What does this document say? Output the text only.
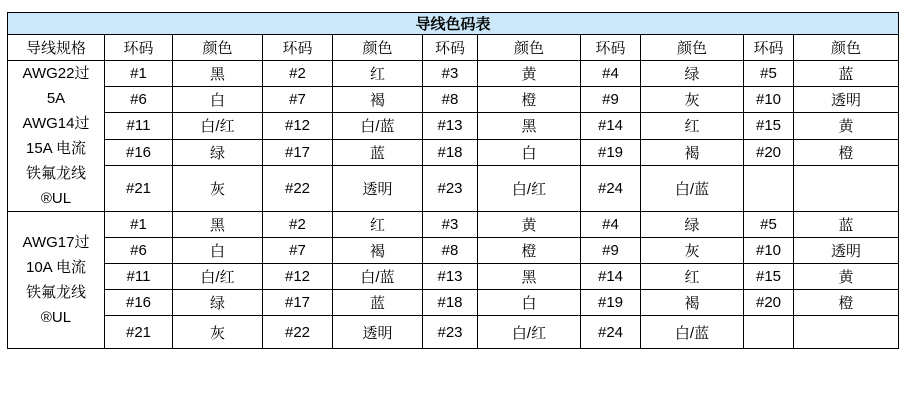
导线色码表										
导线规格	环码	颜色	环码	颜色	环码	颜色	环码	颜色	环码	颜色

AWG22过
5A
AWG14过
15A 电流
铁氟龙线
®UL
	#1	黑	#2	红	#3	黄	#4	绿	#5	蓝
	#6	白	#7	褐	#8	橙	#9	灰	#10	透明
	#11	白/红	#12	白/蓝	#13	黑	#14	红	#15	黄
	#16	绿	#17	蓝	#18	白	#19	褐	#20	橙
	#21	灰	#22	透明	#23	白/红	#24	白/蓝		

AWG17过
10A 电流
铁氟龙线
®UL	#1	黑	#2	红	#3	黄	#4	绿	#5	蓝
	#6	白	#7	褐	#8	橙	#9	灰	#10	透明
	#11	白/红	#12	白/蓝	#13	黑	#14	红	#15	黄
	#16	绿	#17	蓝	#18	白	#19	褐	#20	橙
	#21	灰	#22	透明	#23	白/红	#24	白/蓝		
